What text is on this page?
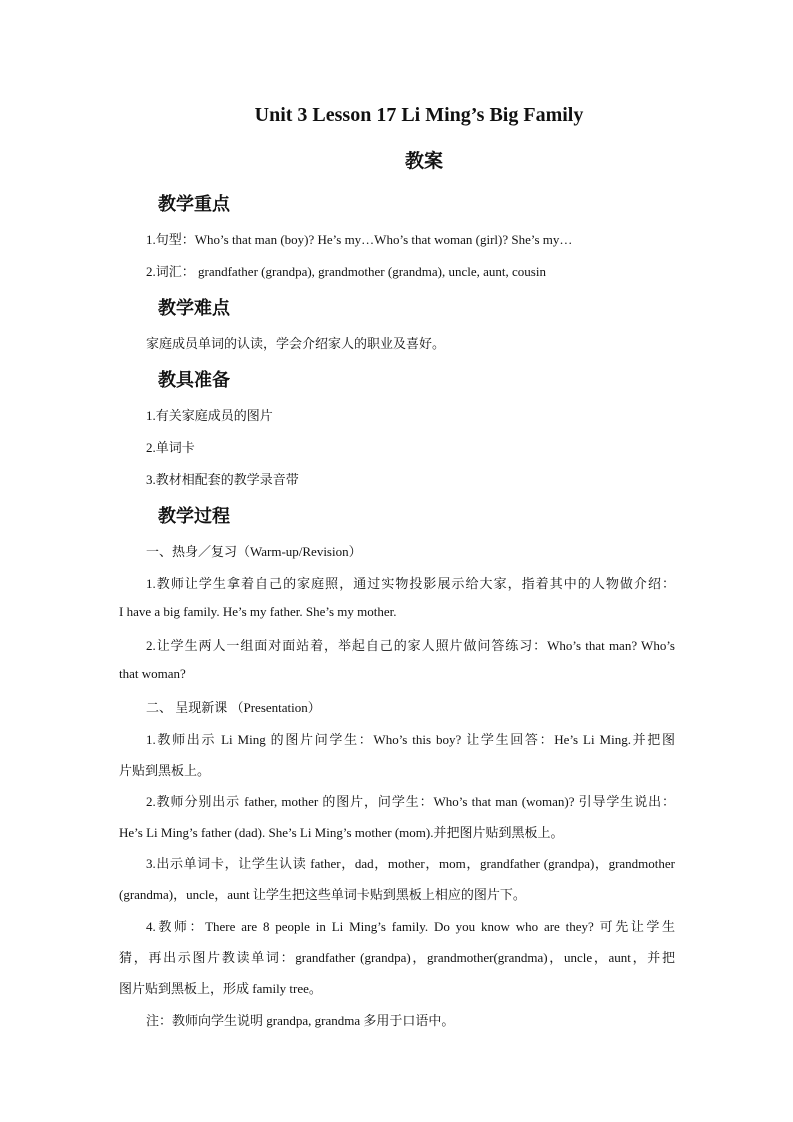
Unit 3 Lesson 17 Li Ming’s Big Family
教案
教学重点
1.句型：Who’s that man (boy)? He’s my…Who’s that woman (girl)? She’s my…
2.词汇： grandfather (grandpa), grandmother (grandma), uncle, aunt, cousin
教学难点
家庭成员单词的认读，学会介绍家人的职业及喜好。
教具准备
1.有关家庭成员的图片
2.单词卡
3.教材相配套的教学录音带
教学过程
一、热身／复习（Warm-up/Revision）
1.教师让学生拿着自己的家庭照，通过实物投影展示给大家，指着其中的人物做介绍：
I have a big family. He’s my father. She’s my mother.
2.让学生两人一组面对面站着，举起自己的家人照片做问答练习：Who’s that man? Who’s
that woman?
二、 呈现新课 （Presentation）
1.教师出示 Li Ming 的图片问学生：Who’s this boy? 让学生回答：He’s Li Ming.并把图
片贴到黑板上。
2.教师分别出示 father, mother 的图片，问学生：Who’s that man (woman)? 引导学生说出：
He’s Li Ming’s father (dad). She’s Li Ming’s mother (mom).并把图片贴到黑板上。
3.出示单词卡，让学生认读 father，dad，mother，mom，grandfather (grandpa)，grandmother
(grandma)，uncle，aunt 让学生把这些单词卡贴到黑板上相应的图片下。
4.教师：There are 8 people in Li Ming’s family. Do you know who are they? 可先让学生
猜，再出示图片教读单词：grandfather (grandpa)，grandmother(grandma)，uncle，aunt，并把
图片贴到黑板上，形成 family tree。
注：教师向学生说明 grandpa, grandma 多用于口语中。
